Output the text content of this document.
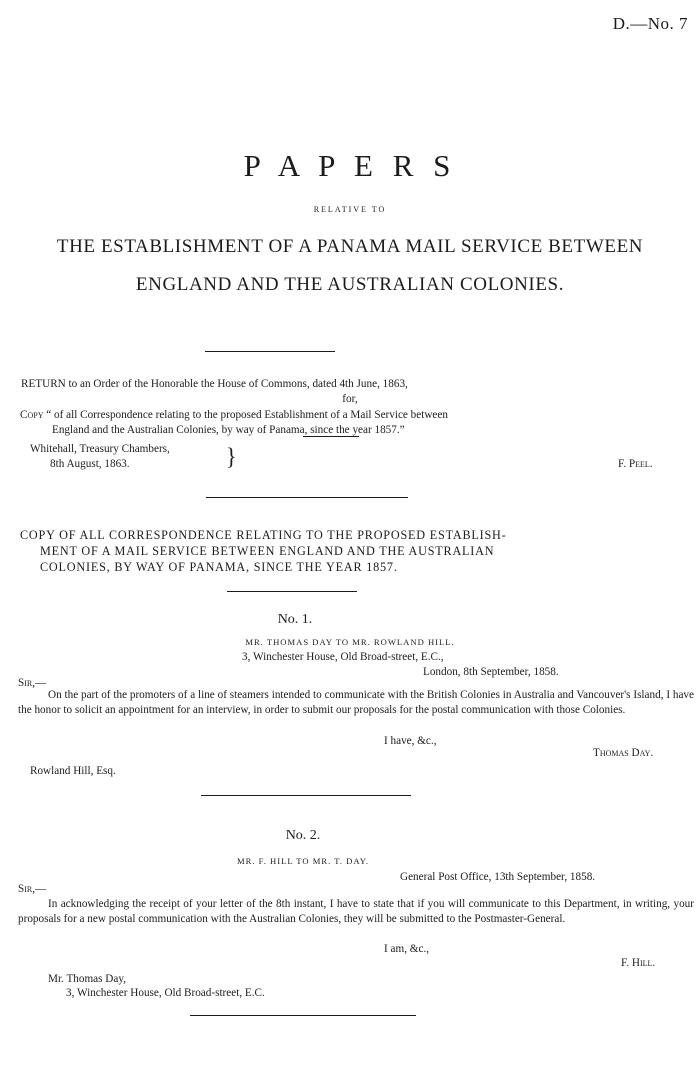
D.—No. 7
P A P E R S
RELATIVE TO
THE ESTABLISHMENT OF A PANAMA MAIL SERVICE BETWEEN
ENGLAND AND THE AUSTRALIAN COLONIES.
RETURN to an Order of the Honorable the House of Commons, dated 4th June, 1863,
for,
Copy “ of all Correspondence relating to the proposed Establishment of a Mail Service between
England and the Australian Colonies, by way of Panama, since the year 1857.”
Whitehall, Treasury Chambers,
8th August, 1863.	}	F. Peel.
COPY OF ALL CORRESPONDENCE RELATING TO THE PROPOSED ESTABLISH-
MENT OF A MAIL SERVICE BETWEEN ENGLAND AND THE AUSTRALIAN
COLONIES, BY WAY OF PANAMA, SINCE THE YEAR 1857.
No. 1.
MR. THOMAS DAY TO MR. ROWLAND HILL.
3, Winchester House, Old Broad-street, E.C.,
London, 8th September, 1858.
Sir,—
On the part of the promoters of a line of steamers intended to communicate with the British Colonies in Australia and Vancouver's Island, I have the honor to solicit an appointment for an interview, in order to submit our proposals for the postal communication with those Colonies.
I have, &c.,
Thomas Day.
Rowland Hill, Esq.
No. 2.
MR. F. HILL TO MR. T. DAY.
General Post Office, 13th September, 1858.
Sir,—
In acknowledging the receipt of your letter of the 8th instant, I have to state that if you will communicate to this Department, in writing, your proposals for a new postal communication with the Australian Colonies, they will be submitted to the Postmaster-General.
I am, &c.,
F. Hill.
Mr. Thomas Day,
3, Winchester House, Old Broad-street, E.C.
